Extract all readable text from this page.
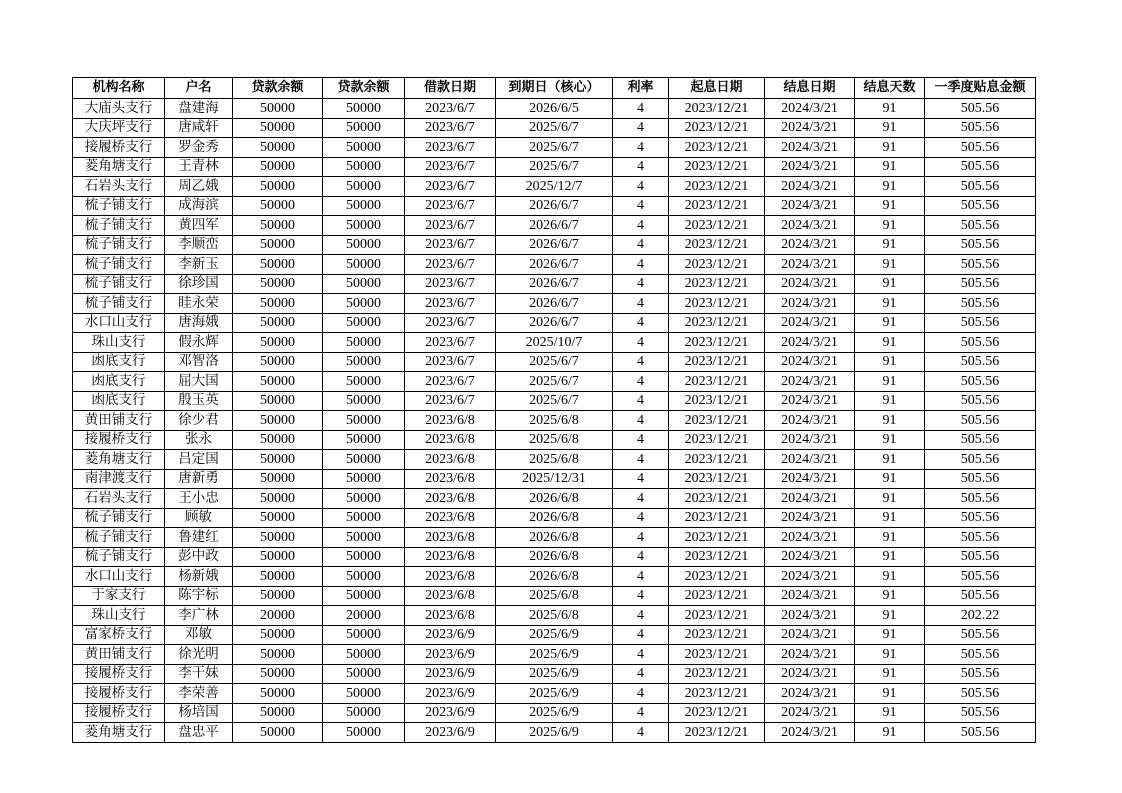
机构名称	户名	贷款余额	贷款余额	借款日期	到期日（核心）	利率	起息日期	结息日期	结息天数	一季度贴息金额
大庙头支行	盘建海	50000	50000	2023/6/7	2026/6/5	4	2023/12/21	2024/3/21	91	505.56
大庆坪支行	唐咸轩	50000	50000	2023/6/7	2025/6/7	4	2023/12/21	2024/3/21	91	505.56
接履桥支行	罗金秀	50000	50000	2023/6/7	2025/6/7	4	2023/12/21	2024/3/21	91	505.56
菱角塘支行	王青林	50000	50000	2023/6/7	2025/6/7	4	2023/12/21	2024/3/21	91	505.56
石岩头支行	周乙娥	50000	50000	2023/6/7	2025/12/7	4	2023/12/21	2024/3/21	91	505.56
梳子铺支行	成海滨	50000	50000	2023/6/7	2026/6/7	4	2023/12/21	2024/3/21	91	505.56
梳子铺支行	黄四军	50000	50000	2023/6/7	2026/6/7	4	2023/12/21	2024/3/21	91	505.56
梳子铺支行	李顺峦	50000	50000	2023/6/7	2026/6/7	4	2023/12/21	2024/3/21	91	505.56
梳子铺支行	李新玉	50000	50000	2023/6/7	2026/6/7	4	2023/12/21	2024/3/21	91	505.56
梳子铺支行	徐珍国	50000	50000	2023/6/7	2026/6/7	4	2023/12/21	2024/3/21	91	505.56
梳子铺支行	眭永荣	50000	50000	2023/6/7	2026/6/7	4	2023/12/21	2024/3/21	91	505.56
水口山支行	唐海娥	50000	50000	2023/6/7	2026/6/7	4	2023/12/21	2024/3/21	91	505.56
珠山支行	假永辉	50000	50000	2023/6/7	2025/10/7	4	2023/12/21	2024/3/21	91	505.56
凼底支行	邓智洛	50000	50000	2023/6/7	2025/6/7	4	2023/12/21	2024/3/21	91	505.56
凼底支行	屈大国	50000	50000	2023/6/7	2025/6/7	4	2023/12/21	2024/3/21	91	505.56
凼底支行	殷玉英	50000	50000	2023/6/7	2025/6/7	4	2023/12/21	2024/3/21	91	505.56
黄田铺支行	徐少君	50000	50000	2023/6/8	2025/6/8	4	2023/12/21	2024/3/21	91	505.56
接履桥支行	张永	50000	50000	2023/6/8	2025/6/8	4	2023/12/21	2024/3/21	91	505.56
菱角塘支行	吕定国	50000	50000	2023/6/8	2025/6/8	4	2023/12/21	2024/3/21	91	505.56
南津渡支行	唐新勇	50000	50000	2023/6/8	2025/12/31	4	2023/12/21	2024/3/21	91	505.56
石岩头支行	王小忠	50000	50000	2023/6/8	2026/6/8	4	2023/12/21	2024/3/21	91	505.56
梳子铺支行	顾敏	50000	50000	2023/6/8	2026/6/8	4	2023/12/21	2024/3/21	91	505.56
梳子铺支行	鲁建红	50000	50000	2023/6/8	2026/6/8	4	2023/12/21	2024/3/21	91	505.56
梳子铺支行	彭中政	50000	50000	2023/6/8	2026/6/8	4	2023/12/21	2024/3/21	91	505.56
水口山支行	杨新娥	50000	50000	2023/6/8	2026/6/8	4	2023/12/21	2024/3/21	91	505.56
于家支行	陈宇标	50000	50000	2023/6/8	2025/6/8	4	2023/12/21	2024/3/21	91	505.56
珠山支行	李广林	20000	20000	2023/6/8	2025/6/8	4	2023/12/21	2024/3/21	91	202.22
富家桥支行	邓敏	50000	50000	2023/6/9	2025/6/9	4	2023/12/21	2024/3/21	91	505.56
黄田铺支行	徐光明	50000	50000	2023/6/9	2025/6/9	4	2023/12/21	2024/3/21	91	505.56
接履桥支行	李干妹	50000	50000	2023/6/9	2025/6/9	4	2023/12/21	2024/3/21	91	505.56
接履桥支行	李荣善	50000	50000	2023/6/9	2025/6/9	4	2023/12/21	2024/3/21	91	505.56
接履桥支行	杨培国	50000	50000	2023/6/9	2025/6/9	4	2023/12/21	2024/3/21	91	505.56
菱角塘支行	盘忠平	50000	50000	2023/6/9	2025/6/9	4	2023/12/21	2024/3/21	91	505.56
